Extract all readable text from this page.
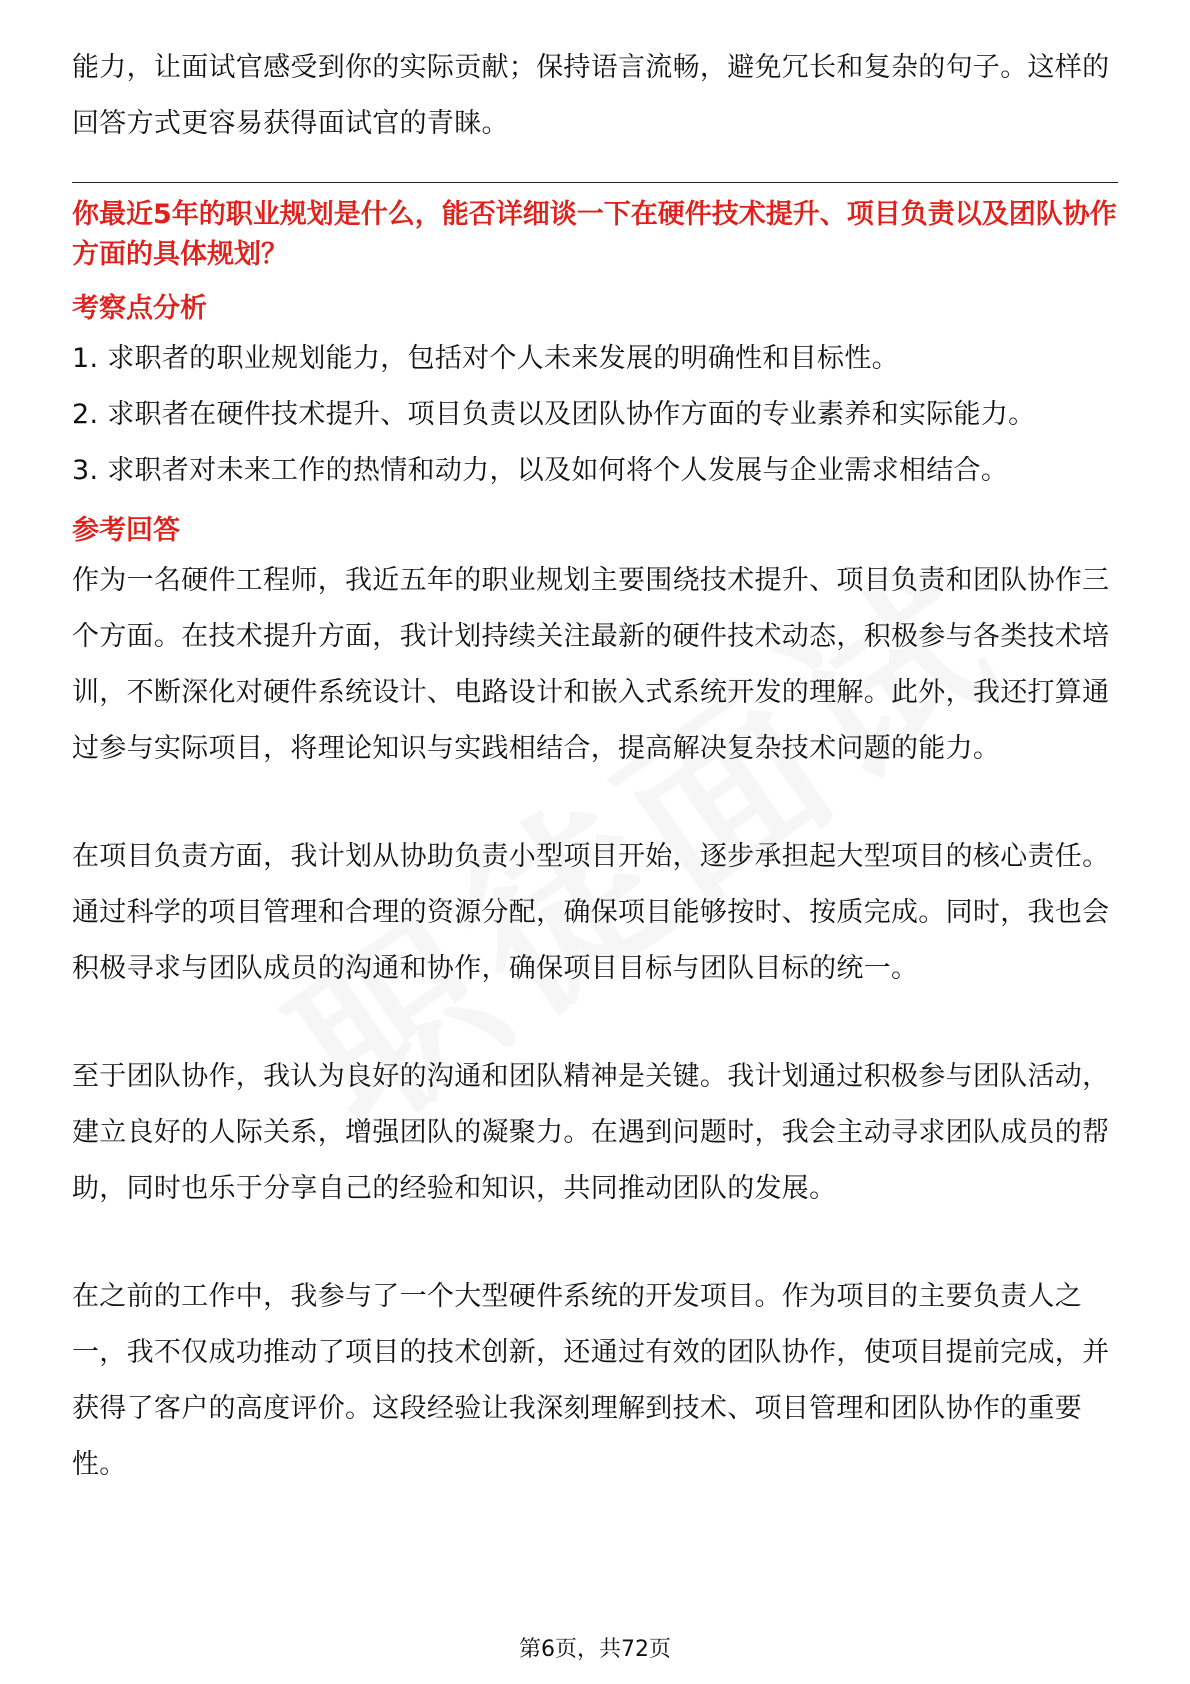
能力，让面试官感受到你的实际贡献；保持语言流畅，避免冗长和复杂的句子。这样的回答方式更容易获得面试官的青睐。

你最近5年的职业规划是什么，能否详细谈一下在硬件技术提升、项目负责以及团队协作方面的具体规划？
考察点分析
1. 求职者的职业规划能力，包括对个人未来发展的明确性和目标性。
2. 求职者在硬件技术提升、项目负责以及团队协作方面的专业素养和实际能力。
3. 求职者对未来工作的热情和动力，以及如何将个人发展与企业需求相结合。
参考回答

作为一名硬件工程师，我近五年的职业规划主要围绕技术提升、项目负责和团队协作三个方面。在技术提升方面，我计划持续关注最新的硬件技术动态，积极参与各类技术培训，不断深化对硬件系统设计、电路设计和嵌入式系统开发的理解。此外，我还打算通过参与实际项目，将理论知识与实践相结合，提高解决复杂技术问题的能力。

在项目负责方面，我计划从协助负责小型项目开始，逐步承担起大型项目的核心责任。通过科学的项目管理和合理的资源分配，确保项目能够按时、按质完成。同时，我也会积极寻求与团队成员的沟通和协作，确保项目目标与团队目标的统一。

至于团队协作，我认为良好的沟通和团队精神是关键。我计划通过积极参与团队活动，建立良好的人际关系，增强团队的凝聚力。在遇到问题时，我会主动寻求团队成员的帮助，同时也乐于分享自己的经验和知识，共同推动团队的发展。

在之前的工作中，我参与了一个大型硬件系统的开发项目。作为项目的主要负责人之一，我不仅成功推动了项目的技术创新，还通过有效的团队协作，使项目提前完成，并获得了客户的高度评价。这段经验让我深刻理解到技术、项目管理和团队协作的重要性。

第6页，共72页
